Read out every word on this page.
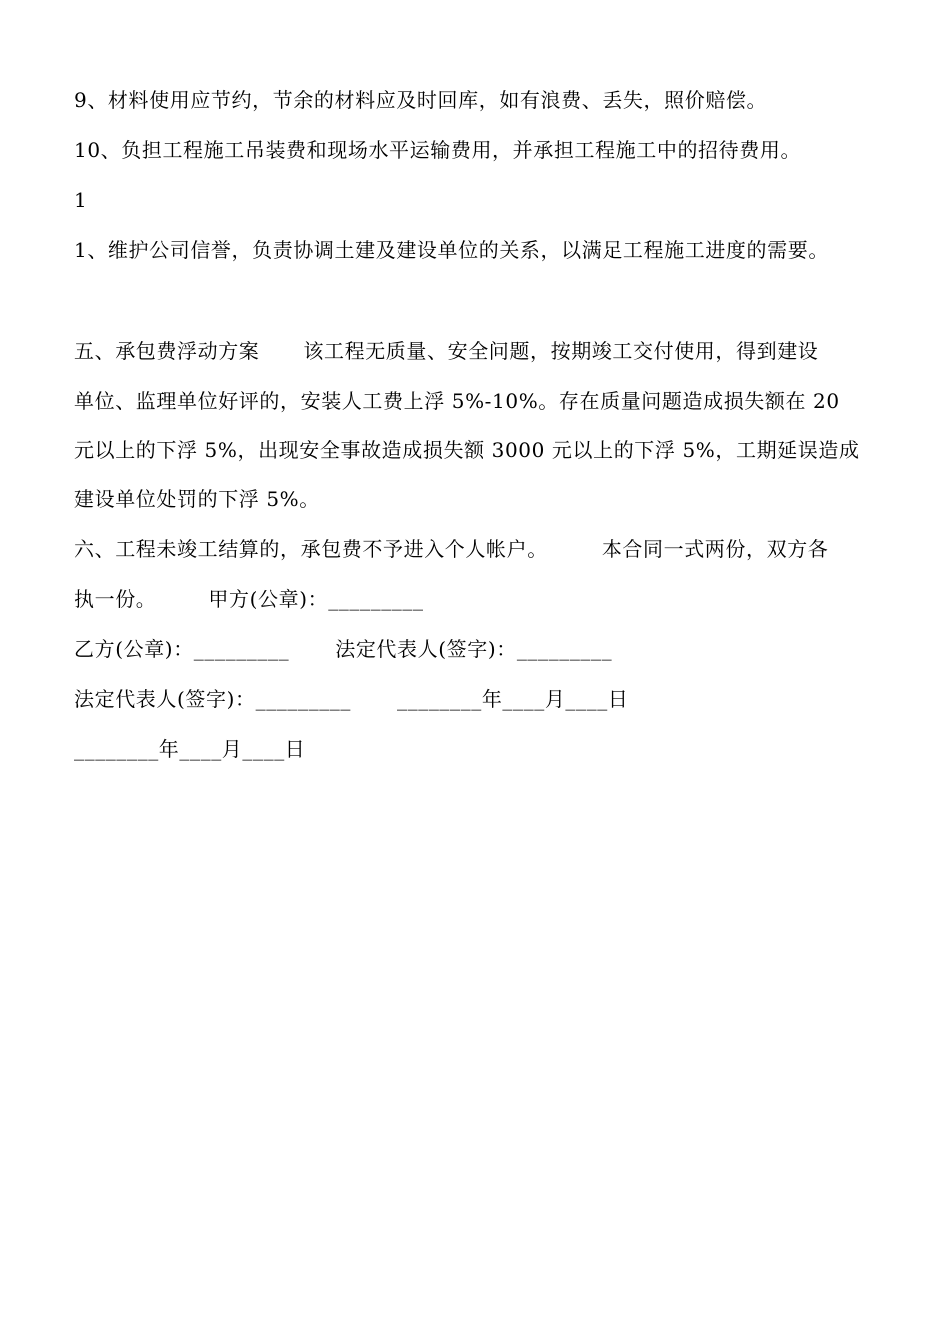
9、材料使用应节约，节余的材料应及时回库，如有浪费、丢失，照价赔偿。
10、负担工程施工吊装费和现场水平运输费用，并承担工程施工中的招待费用。
1
1、维护公司信誉，负责协调土建及建设单位的关系，以满足工程施工进度的需要。
五、承包费浮动方案 该工程无质量、安全问题，按期竣工交付使用，得到建设
单位、监理单位好评的，安装人工费上浮 5%-10%。存在质量问题造成损失额在 20
元以上的下浮 5%，出现安全事故造成损失额 3000 元以上的下浮 5%，工期延误造成
建设单位处罚的下浮 5%。
六、工程未竣工结算的，承包费不予进入个人帐户。	本合同一式两份，双方各
执一份。	甲方(公章)：_________
乙方(公章)：_________ 法定代表人(签字)：_________
法定代表人(签字)：_________ ________年____月____日
________年____月____日
